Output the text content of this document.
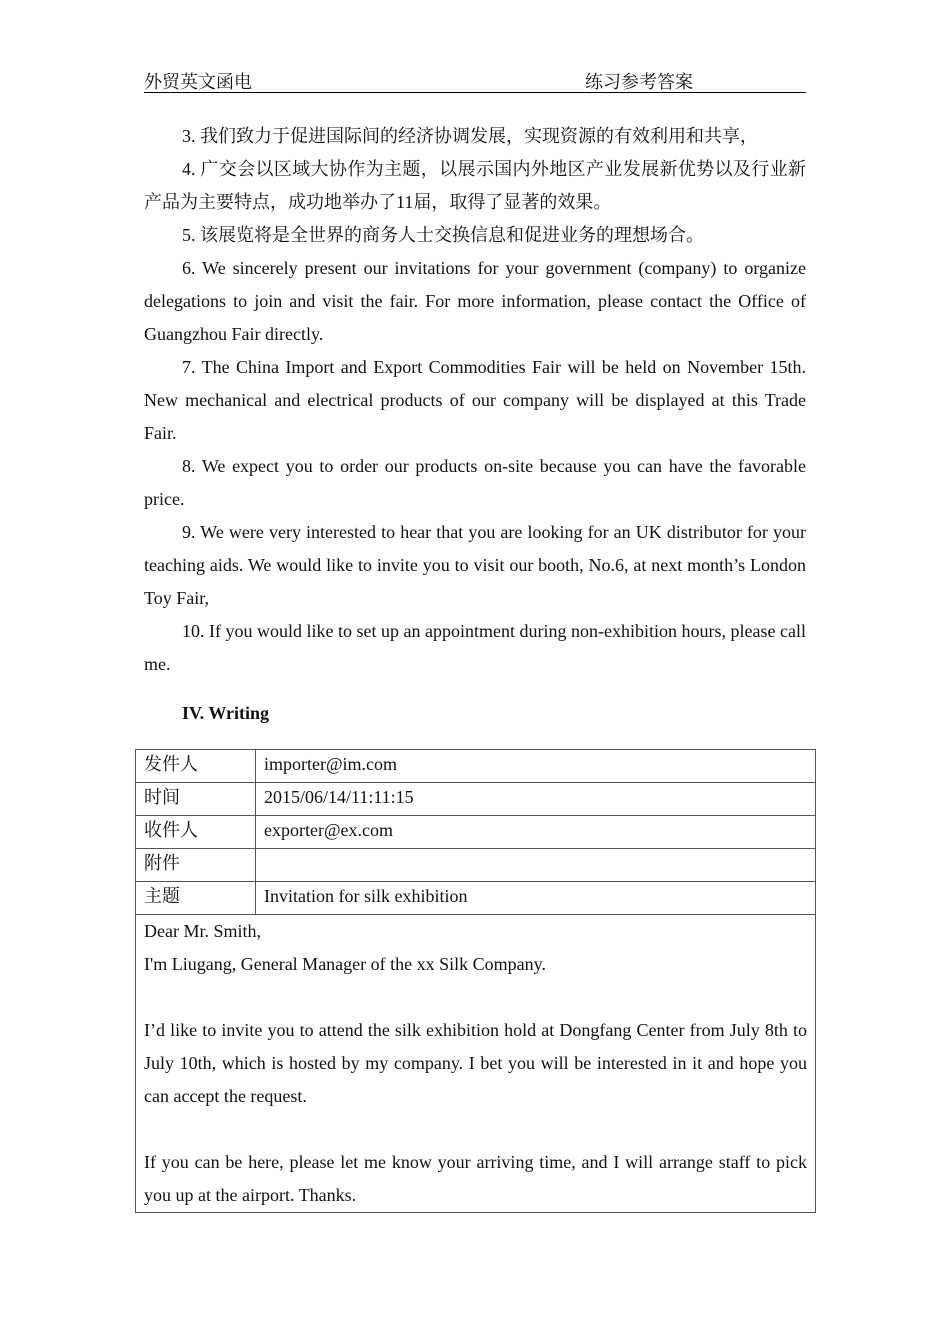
外贸英文函电	练习参考答案

3. 我们致力于促进国际间的经济协调发展，实现资源的有效利用和共享，

4. 广交会以区域大协作为主题，以展示国内外地区产业发展新优势以及行业新产品为主要特点，成功地举办了11届，取得了显著的效果。

5. 该展览将是全世界的商务人士交换信息和促进业务的理想场合。

6. We sincerely present our invitations for your government (company) to organize delegations to join and visit the fair. For more information, please contact the Office of Guangzhou Fair directly.

7. The China Import and Export Commodities Fair will be held on November 15th. New mechanical and electrical products of our company will be displayed at this Trade Fair.

8. We expect you to order our products on-site because you can have the favorable price.

9. We were very interested to hear that you are looking for an UK distributor for your teaching aids. We would like to invite you to visit our booth, No.6, at next month’s London Toy Fair,

10. If you would like to set up an appointment during non-exhibition hours, please call me.

IV. Writing
发件人	importer@im.com
时间	2015/06/14/11:11:15
收件人	exporter@ex.com
附件	
主题	Invitation for silk exhibition

Dear Mr. Smith,

I'm Liugang, General Manager of the xx Silk Company.

I’d like to invite you to attend the silk exhibition hold at Dongfang Center from July 8th to July 10th, which is hosted by my company. I bet you will be interested in it and hope you can accept the request.

If you can be here, please let me know your arriving time, and I will arrange staff to pick you up at the airport. Thanks.	
